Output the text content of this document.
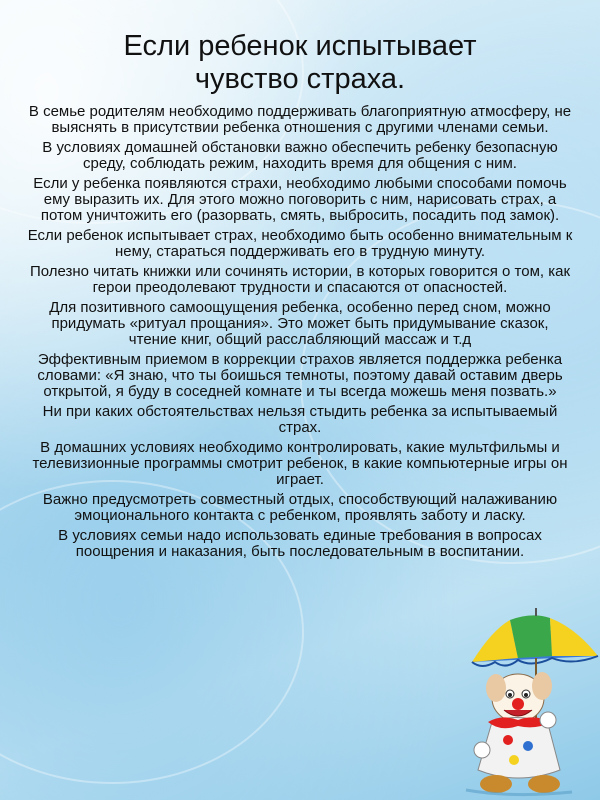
Если ребенок испытывает
чувство страха.

В семье родителям необходимо поддерживать благоприятную атмосферу, не выяснять в присутствии ребенка отношения с другими членами семьи.

В условиях домашней обстановки важно обеспечить ребенку безопасную среду, соблюдать режим, находить время для общения с ним.

Если у ребенка появляются страхи, необходимо любыми способами помочь ему выразить их. Для этого можно поговорить с ним, нарисовать страх, а потом уничтожить его (разорвать, смять, выбросить, посадить под замок).

Если ребенок испытывает страх, необходимо быть особенно внимательным к нему, стараться поддерживать его в трудную минуту.

Полезно читать книжки или сочинять истории, в которых говорится о том, как герои преодолевают трудности и спасаются от опасностей.

Для позитивного самоощущения ребенка, особенно перед сном, можно придумать «ритуал прощания». Это может быть придумывание сказок, чтение книг, общий расслабляющий массаж и т.д

Эффективным приемом в коррекции страхов является поддержка ребенка словами: «Я знаю, что ты боишься темноты, поэтому давай оставим дверь открытой, я буду в соседней комнате и ты всегда можешь меня позвать.»

Ни при каких обстоятельствах нельзя стыдить ребенка за испытываемый страх.

В домашних условиях необходимо контролировать, какие мультфильмы и телевизионные программы смотрит ребенок, в какие компьютерные игры он играет.

Важно предусмотреть совместный отдых, способствующий налаживанию эмоционального контакта с ребенком, проявлять заботу и ласку.

В условиях семьи надо использовать единые требования в вопросах поощрения и наказания, быть последовательным в воспитании.
